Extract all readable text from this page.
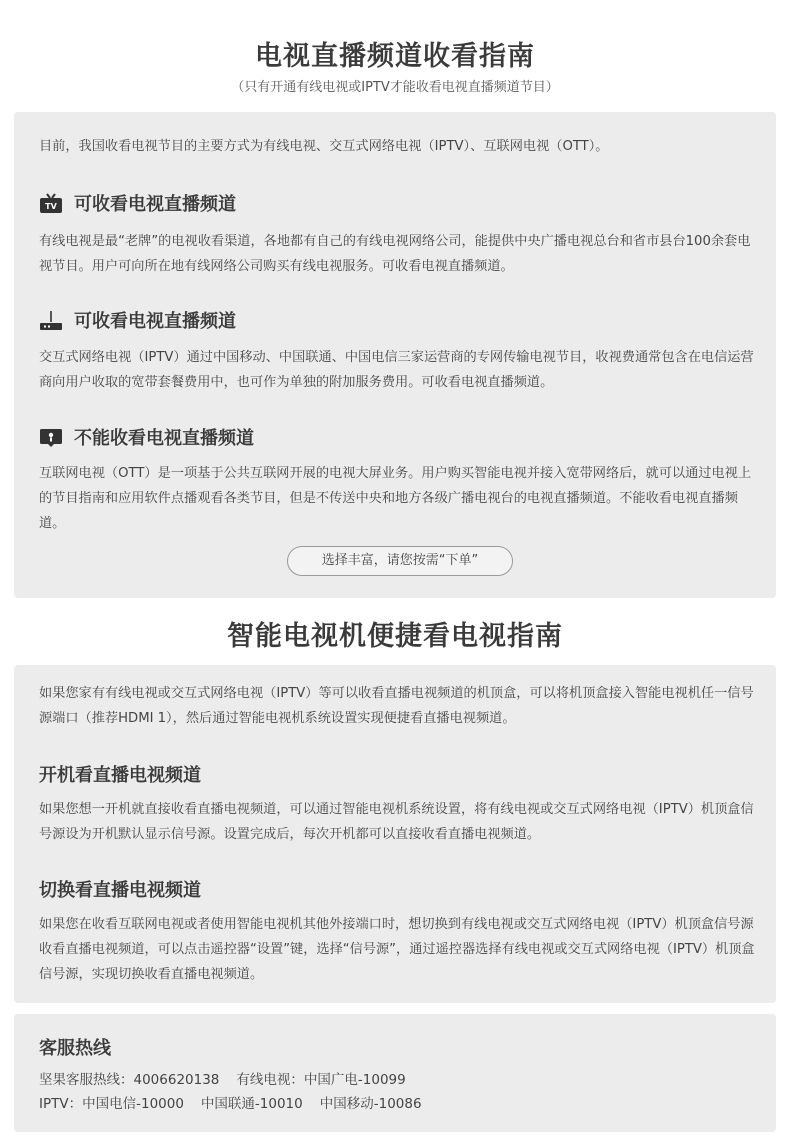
电视直播频道收看指南
（只有开通有线电视或IPTV才能收看电视直播频道节目）
目前，我国收看电视节目的主要方式为有线电视、交互式网络电视（IPTV）、互联网电视（OTT）。
TV 可收看电视直播频道
有线电视是最“老牌”的电视收看渠道，各地都有自己的有线电视网络公司，能提供中央广播电视总台和省市县台100余套电视节目。用户可向所在地有线网络公司购买有线电视服务。可收看电视直播频道。
可收看电视直播频道
交互式网络电视（IPTV）通过中国移动、中国联通、中国电信三家运营商的专网传输电视节目，收视费通常包含在电信运营商向用户收取的宽带套餐费用中，也可作为单独的附加服务费用。可收看电视直播频道。
不能收看电视直播频道
互联网电视（OTT）是一项基于公共互联网开展的电视大屏业务。用户购买智能电视并接入宽带网络后，就可以通过电视上的节目指南和应用软件点播观看各类节目，但是不传送中央和地方各级广播电视台的电视直播频道。不能收看电视直播频道。
选择丰富，请您按需“下单”
智能电视机便捷看电视指南
如果您家有有线电视或交互式网络电视（IPTV）等可以收看直播电视频道的机顶盒，可以将机顶盒接入智能电视机任一信号源端口（推荐HDMI 1），然后通过智能电视机系统设置实现便捷看直播电视频道。
开机看直播电视频道
如果您想一开机就直接收看直播电视频道，可以通过智能电视机系统设置，将有线电视或交互式网络电视（IPTV）机顶盒信号源设为开机默认显示信号源。设置完成后，每次开机都可以直接收看直播电视频道。
切换看直播电视频道
如果您在收看互联网电视或者使用智能电视机其他外接端口时，想切换到有线电视或交互式网络电视（IPTV）机顶盒信号源收看直播电视频道，可以点击遥控器“设置”键，选择“信号源”，通过遥控器选择有线电视或交互式网络电视（IPTV）机顶盒信号源，实现切换收看直播电视频道。
客服热线
坚果客服热线：4006620138 有线电视：中国广电-10099
IPTV：中国电信-10000 中国联通-10010 中国移动-10086
